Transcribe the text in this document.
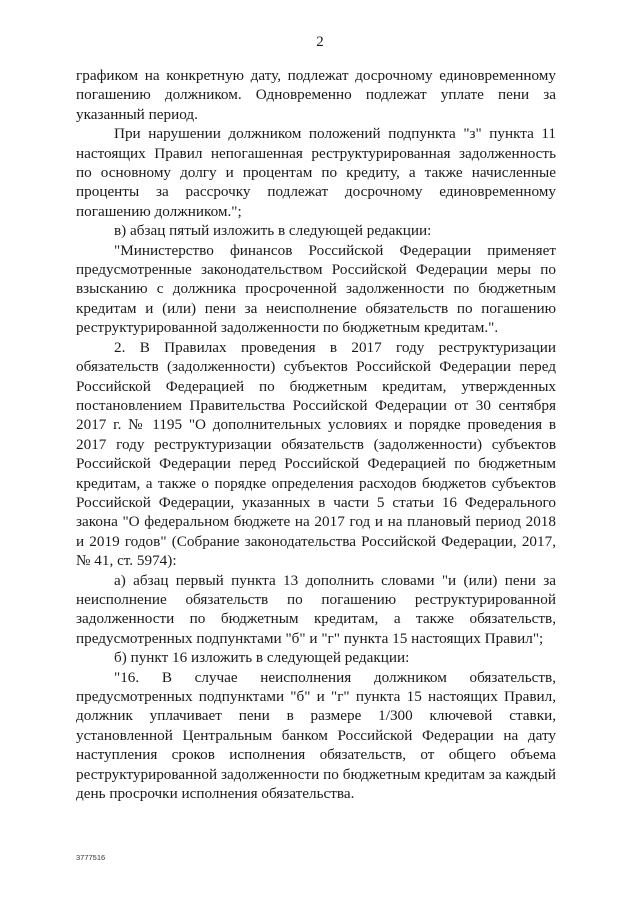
2

графиком на конкретную дату, подлежат досрочному единовременному погашению должником. Одновременно подлежат уплате пени за указанный период.

При нарушении должником положений подпункта "з" пункта 11 настоящих Правил непогашенная реструктурированная задолженность по основному долгу и процентам по кредиту, а также начисленные проценты за рассрочку подлежат досрочному единовременному погашению должником.";

в) абзац пятый изложить в следующей редакции:

"Министерство финансов Российской Федерации применяет предусмотренные законодательством Российской Федерации меры по взысканию с должника просроченной задолженности по бюджетным кредитам и (или) пени за неисполнение обязательств по погашению реструктурированной задолженности по бюджетным кредитам.".

2. В Правилах проведения в 2017 году реструктуризации обязательств (задолженности) субъектов Российской Федерации перед Российской Федерацией по бюджетным кредитам, утвержденных постановлением Правительства Российской Федерации от 30 сентября 2017 г. № 1195 "О дополнительных условиях и порядке проведения в 2017 году реструктуризации обязательств (задолженности) субъектов Российской Федерации перед Российской Федерацией по бюджетным кредитам, а также о порядке определения расходов бюджетов субъектов Российской Федерации, указанных в части 5 статьи 16 Федерального закона "О федеральном бюджете на 2017 год и на плановый период 2018 и 2019 годов" (Собрание законодательства Российской Федерации, 2017, № 41, ст. 5974):

а) абзац первый пункта 13 дополнить словами "и (или) пени за неисполнение обязательств по погашению реструктурированной задолженности по бюджетным кредитам, а также обязательств, предусмотренных подпунктами "б" и "г" пункта 15 настоящих Правил";

б) пункт 16 изложить в следующей редакции:

"16. В случае неисполнения должником обязательств, предусмотренных подпунктами "б" и "г" пункта 15 настоящих Правил, должник уплачивает пени в размере 1/300 ключевой ставки, установленной Центральным банком Российской Федерации на дату наступления сроков исполнения обязательств, от общего объема реструктурированной задолженности по бюджетным кредитам за каждый день просрочки исполнения обязательства.

3777516
